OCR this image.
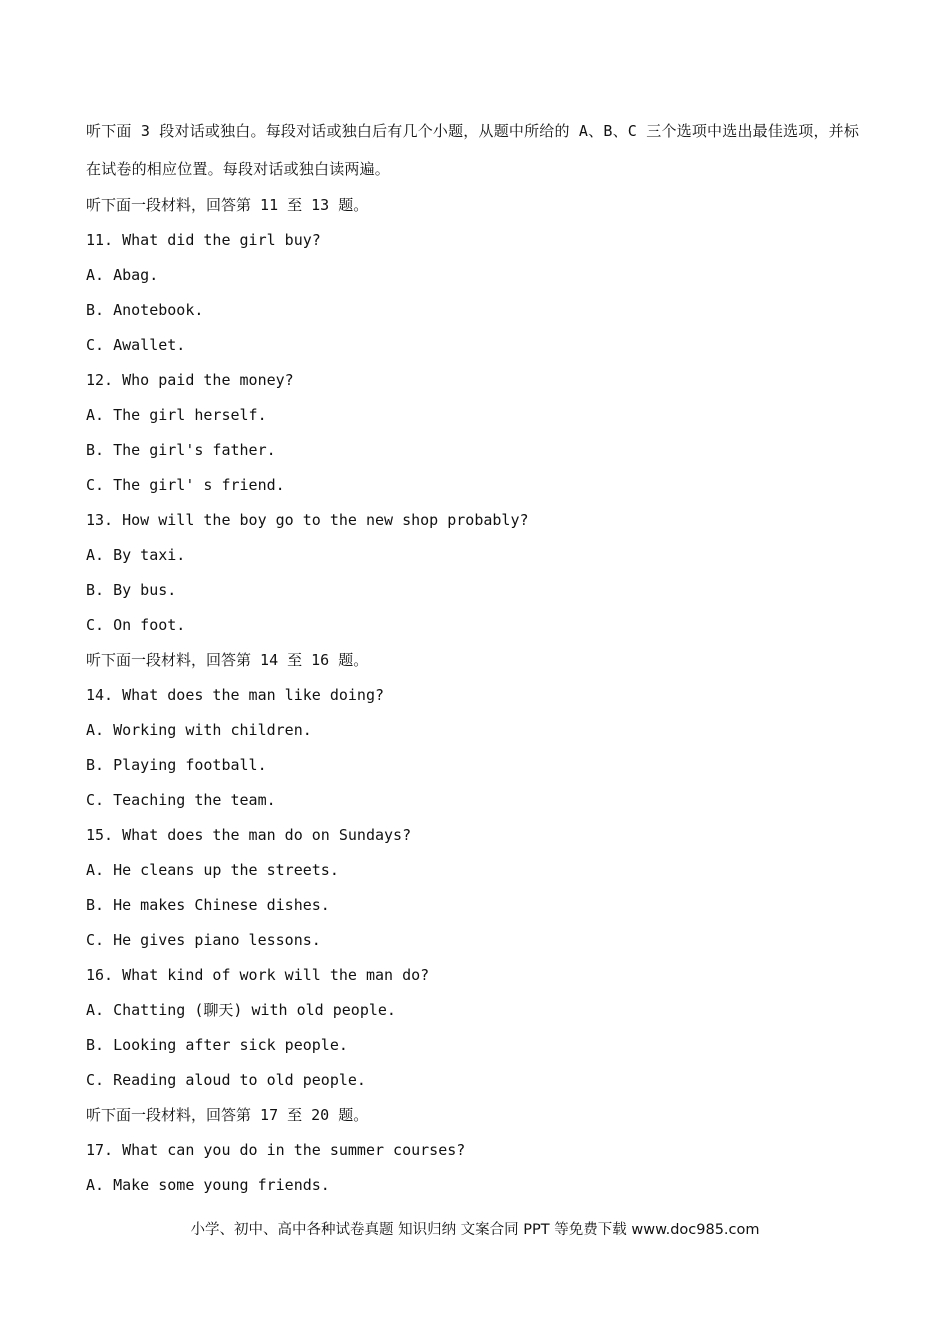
听下面 3 段对话或独白。每段对话或独白后有几个小题，从题中所给的 A、B、C 三个选项中选出最佳选项，并标在试卷的相应位置。每段对话或独白读两遍。

听下面一段材料，回答第 11 至 13 题。
11. What did the girl buy?
A. Abag.
B. Anotebook.
C. Awallet.
12. Who paid the money?
A. The girl herself.
B. The girl's father.
C. The girl' s friend.
13. How will the boy go to the new shop probably?
A. By taxi.
B. By bus.
C. On foot.
听下面一段材料，回答第 14 至 16 题。
14. What does the man like doing?
A. Working with children.
B. Playing football.
C. Teaching the team.
15. What does the man do on Sundays?
A. He cleans up the streets.
B. He makes Chinese dishes.
C. He gives piano lessons.
16. What kind of work will the man do?
A. Chatting (聊天) with old people.
B. Looking after sick people.
C. Reading aloud to old people.
听下面一段材料，回答第 17 至 20 题。
17. What can you do in the summer courses?
A. Make some young friends.
小学、初中、高中各种试卷真题 知识归纳 文案合同 PPT 等免费下载 www.doc985.com
